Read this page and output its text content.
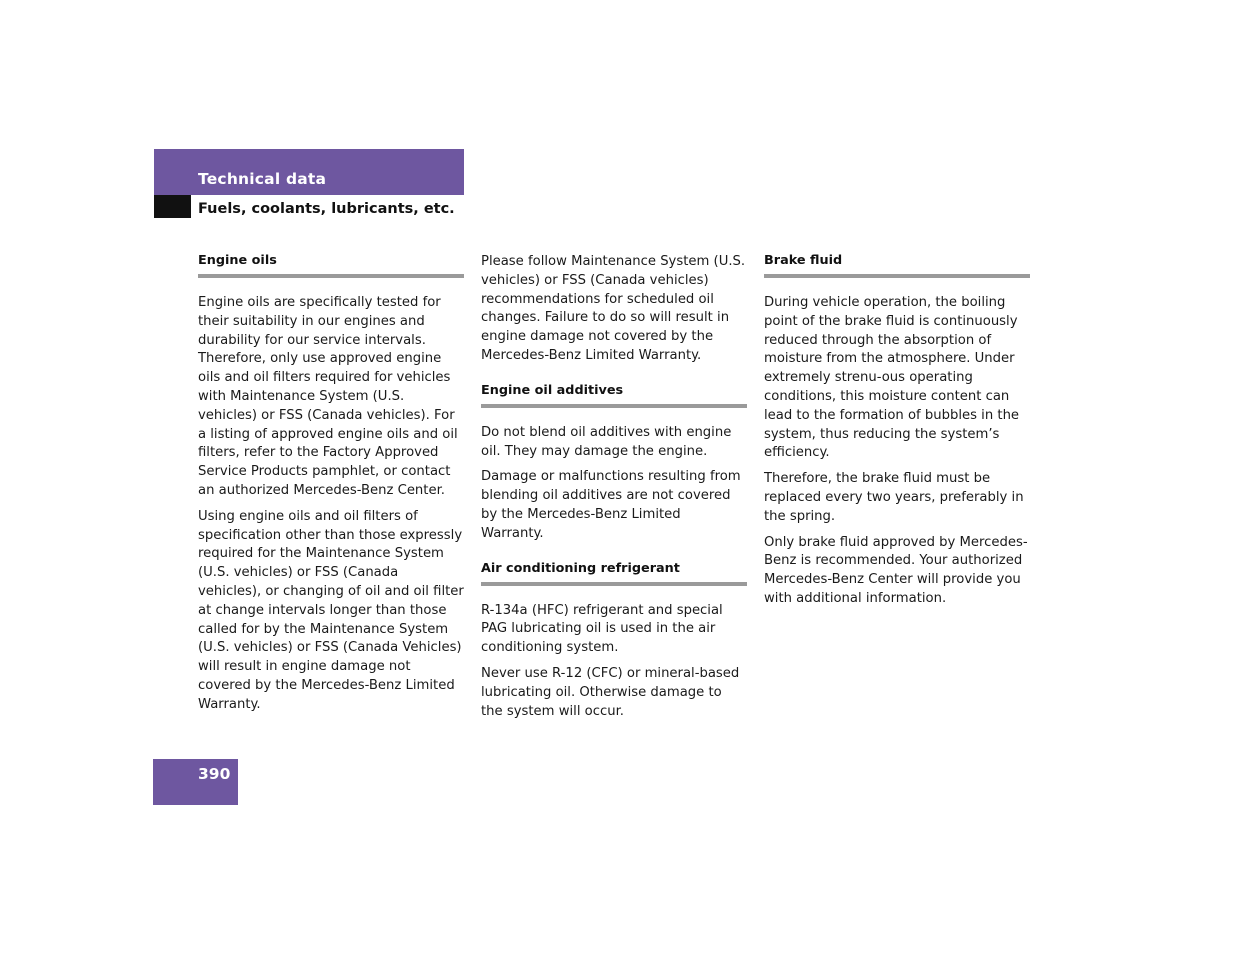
Technical data
Fuels, coolants, lubricants, etc.
Engine oils

Engine oils are specifically tested for their suitability in our engines and durability for our service intervals. Therefore, only use approved engine oils and oil filters required for vehicles with Maintenance System (U.S. vehicles) or FSS (Canada vehicles). For a listing of approved engine oils and oil filters, refer to the Factory Approved Service Products pamphlet, or contact an authorized Mercedes-Benz Center.

Using engine oils and oil filters of specification other than those expressly required for the Maintenance System (U.S. vehicles) or FSS (Canada vehicles), or changing of oil and oil filter at change intervals longer than those called for by the Maintenance System (U.S. vehicles) or FSS (Canada Vehicles) will result in engine damage not covered by the Mercedes-Benz Limited Warranty.

Please follow Maintenance System (U.S. vehicles) or FSS (Canada vehicles) recommendations for scheduled oil changes. Failure to do so will result in engine damage not covered by the Mercedes-Benz Limited Warranty.

Engine oil additives

Do not blend oil additives with engine oil. They may damage the engine.

Damage or malfunctions resulting from blending oil additives are not covered by the Mercedes-Benz Limited Warranty.

Air conditioning refrigerant

R-134a (HFC) refrigerant and special PAG lubricating oil is used in the air conditioning system.

Never use R-12 (CFC) or mineral-based lubricating oil. Otherwise damage to the system will occur.

Brake fluid

During vehicle operation, the boiling point of the brake fluid is continuously reduced through the absorption of moisture from the atmosphere. Under extremely strenu-ous operating conditions, this moisture content can lead to the formation of bubbles in the system, thus reducing the system’s efficiency.

Therefore, the brake fluid must be replaced every two years, preferably in the spring.

Only brake fluid approved by Mercedes-Benz is recommended. Your authorized Mercedes-Benz Center will provide you with additional information.

390
